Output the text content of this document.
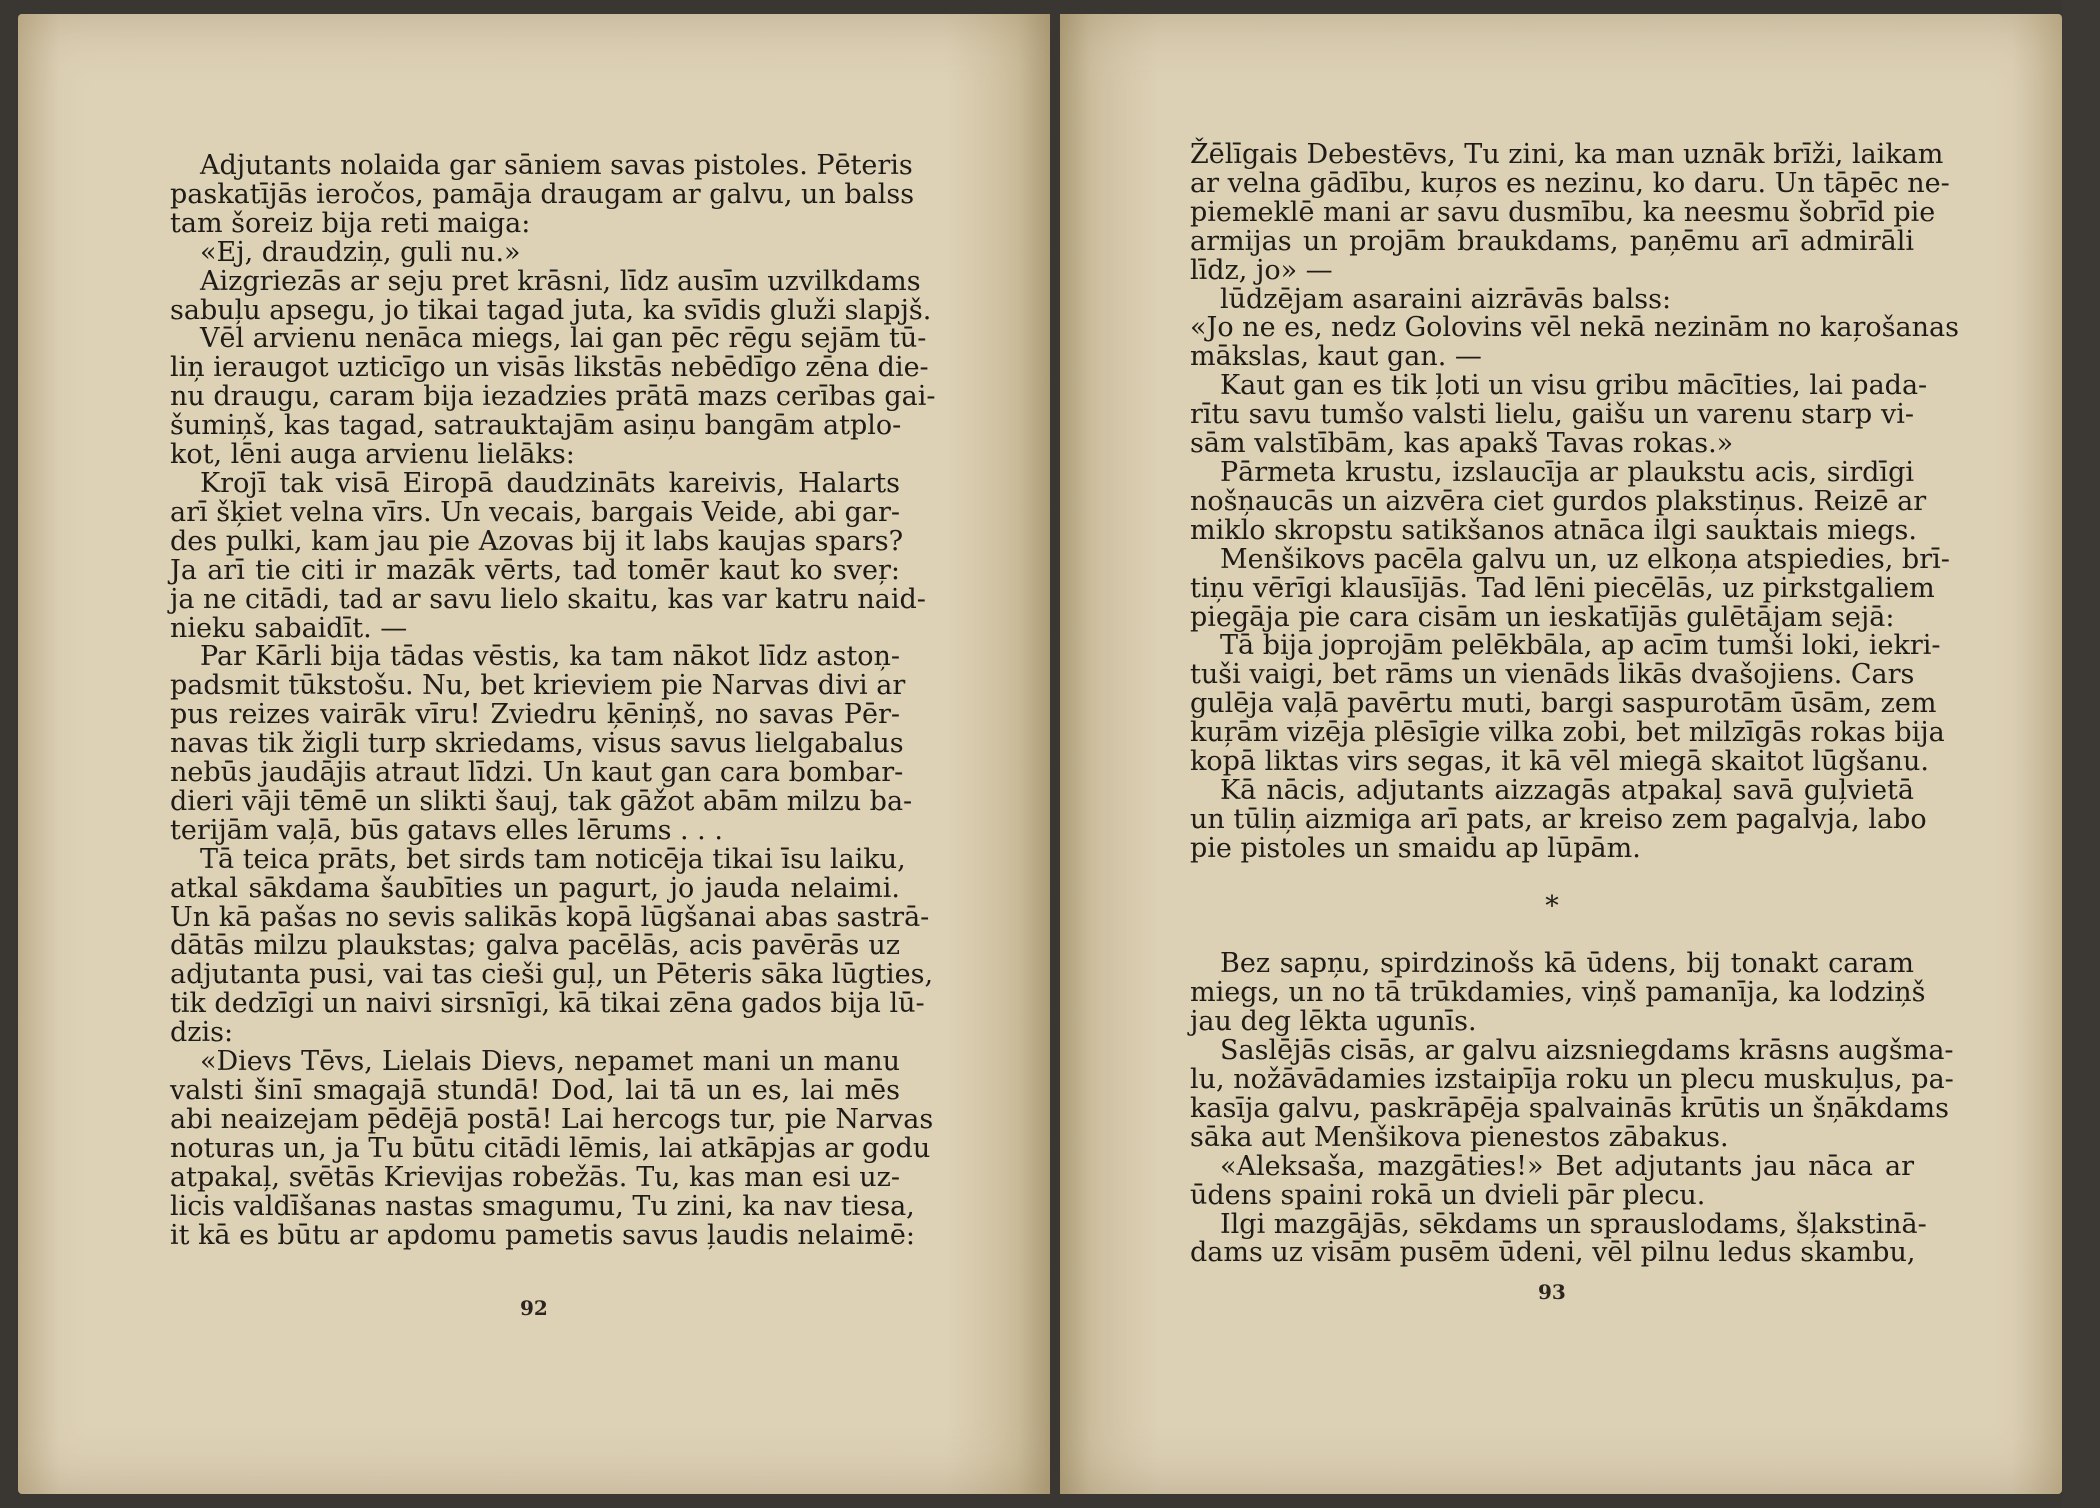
Adjutants nolaida gar sāniem savas pistoles. Pēteris
paskatījās ieročos, pamāja draugam ar galvu, un balss
tam šoreiz bija reti maiga:
«Ej, draudziņ, guli nu.»
Aizgriezās ar seju pret krāsni, līdz ausīm uzvilkdams
sabuļu apsegu, jo tikai tagad juta, ka svīdis gluži slapjš.
Vēl arvienu nenāca miegs, lai gan pēc rēgu sejām tū-
liņ ieraugot uzticīgo un visās likstās nebēdīgo zēna die-
nu draugu, caram bija iezadzies prātā mazs cerības gai-
šumiņš, kas tagad, satrauktajām asiņu bangām atplo-
kot, lēni auga arvienu lielāks:
Krojī tak visā Eiropā daudzināts kareivis, Halarts
arī šķiet velna vīrs. Un vecais, bargais Veide, abi gar-
des pulki, kam jau pie Azovas bij it labs kaujas spars?
Ja arī tie citi ir mazāk vērts, tad tomēr kaut ko sveŗ:
ja ne citādi, tad ar savu lielo skaitu, kas var katru naid-
nieku sabaidīt. —
Par Kārli bija tādas vēstis, ka tam nākot līdz astoņ-
padsmit tūkstošu. Nu, bet krieviem pie Narvas divi ar
pus reizes vairāk vīru! Zviedru ķēniņš, no savas Pēr-
navas tik žigli turp skriedams, visus savus lielgabalus
nebūs jaudājis atraut līdzi. Un kaut gan cara bombar-
dieri vāji tēmē un slikti šauj, tak gāžot abām milzu ba-
terijām vaļā, būs gatavs elles lērums . . .
Tā teica prāts, bet sirds tam noticēja tikai īsu laiku,
atkal sākdama šaubīties un pagurt, jo jauda nelaimi.
Un kā pašas no sevis salikās kopā lūgšanai abas sastrā-
dātās milzu plaukstas; galva pacēlās, acis pavērās uz
adjutanta pusi, vai tas cieši guļ, un Pēteris sāka lūgties,
tik dedzīgi un naivi sirsnīgi, kā tikai zēna gados bija lū-
dzis:
«Dievs Tēvs, Lielais Dievs, nepamet mani un manu
valsti šinī smagajā stundā! Dod, lai tā un es, lai mēs
abi neaizejam pēdējā postā! Lai hercogs tur, pie Narvas
noturas un, ja Tu būtu citādi lēmis, lai atkāpjas ar godu
atpakaļ, svētās Krievijas robežās. Tu, kas man esi uz-
licis valdīšanas nastas smagumu, Tu zini, ka nav tiesa,
it kā es būtu ar apdomu pametis savus ļaudis nelaimē:
92
Žēlīgais Debestēvs, Tu zini, ka man uznāk brīži, laikam
ar velna gādību, kuŗos es nezinu, ko daru. Un tāpēc ne-
piemeklē mani ar savu dusmību, ka neesmu šobrīd pie
armijas un projām braukdams, paņēmu arī admirāli
līdz, jo» —
lūdzējam asaraini aizrāvās balss:
«Jo ne es, nedz Golovins vēl nekā nezinām no kaŗošanas
mākslas, kaut gan. —
Kaut gan es tik ļoti un visu gribu mācīties, lai pada-
rītu savu tumšo valsti lielu, gaišu un varenu starp vi-
sām valstībām, kas apakš Tavas rokas.»
Pārmeta krustu, izslaucīja ar plaukstu acis, sirdīgi
nošņaucās un aizvēra ciet gurdos plakstiņus. Reizē ar
miklo skropstu satikšanos atnāca ilgi sauktais miegs.
Menšikovs pacēla galvu un, uz elkoņa atspiedies, brī-
tiņu vērīgi klausījās. Tad lēni piecēlās, uz pirkstgaliem
piegāja pie cara cisām un ieskatījās gulētājam sejā:
Tā bija joprojām pelēkbāla, ap acīm tumši loki, iekri-
tuši vaigi, bet rāms un vienāds likās dvašojiens. Cars
gulēja vaļā pavērtu muti, bargi saspurotām ūsām, zem
kuŗām vizēja plēsīgie vilka zobi, bet milzīgās rokas bija
kopā liktas virs segas, it kā vēl miegā skaitot lūgšanu.
Kā nācis, adjutants aizzagās atpakaļ savā guļvietā
un tūliņ aizmiga arī pats, ar kreiso zem pagalvja, labo
pie pistoles un smaidu ap lūpām.
*
Bez sapņu, spirdzinošs kā ūdens, bij tonakt caram
miegs, un no tā trūkdamies, viņš pamanīja, ka lodziņš
jau deg lēkta ugunīs.
Saslējās cisās, ar galvu aizsniegdams krāsns augšma-
lu, nožāvādamies izstaipīja roku un plecu muskuļus, pa-
kasīja galvu, paskrāpēja spalvainās krūtis un šņākdams
sāka aut Menšikova pienestos zābakus.
«Aleksaša, mazgāties!» Bet adjutants jau nāca ar
ūdens spaini rokā un dvieli pār plecu.
Ilgi mazgājās, sēkdams un sprauslodams, šļakstinā-
dams uz visām pusēm ūdeni, vēl pilnu ledus skambu,
93
